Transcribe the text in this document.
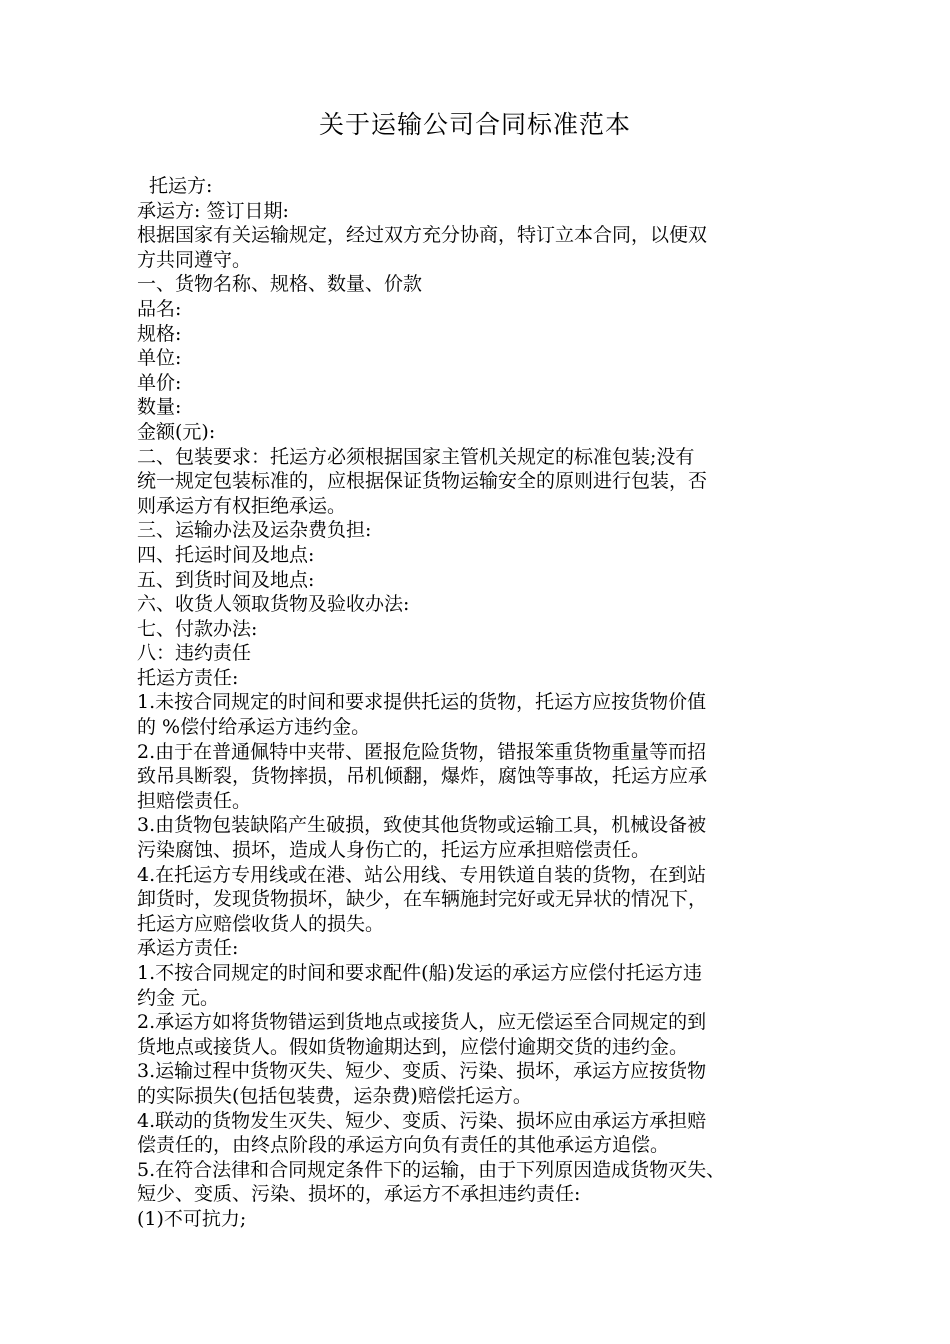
关于运输公司合同标准范本
托运方:
承运方: 签订日期:
根据国家有关运输规定，经过双方充分协商，特订立本合同，以便双
方共同遵守。
一、货物名称、规格、数量、价款
品名:
规格:
单位:
单价:
数量:
金额(元):
二、包装要求：托运方必须根据国家主管机关规定的标准包装;没有
统一规定包装标准的，应根据保证货物运输安全的原则进行包装，否
则承运方有权拒绝承运。
三、运输办法及运杂费负担:
四、托运时间及地点:
五、到货时间及地点:
六、收货人领取货物及验收办法:
七、付款办法:
八：违约责任
托运方责任:
1.未按合同规定的时间和要求提供托运的货物，托运方应按货物价值
的 %偿付给承运方违约金。
2.由于在普通佩特中夹带、匿报危险货物，错报笨重货物重量等而招
致吊具断裂，货物摔损，吊机倾翻，爆炸，腐蚀等事故，托运方应承
担赔偿责任。
3.由货物包装缺陷产生破损，致使其他货物或运输工具，机械设备被
污染腐蚀、损坏，造成人身伤亡的，托运方应承担赔偿责任。
4.在托运方专用线或在港、站公用线、专用铁道自装的货物，在到站
卸货时，发现货物损坏，缺少，在车辆施封完好或无异状的情况下，
托运方应赔偿收货人的损失。
承运方责任:
1.不按合同规定的时间和要求配件(船)发运的承运方应偿付托运方违
约金 元。
2.承运方如将货物错运到货地点或接货人，应无偿运至合同规定的到
货地点或接货人。假如货物逾期达到，应偿付逾期交货的违约金。
3.运输过程中货物灭失、短少、变质、污染、损坏，承运方应按货物
的实际损失(包括包装费，运杂费)赔偿托运方。
4.联动的货物发生灭失、短少、变质、污染、损坏应由承运方承担赔
偿责任的，由终点阶段的承运方向负有责任的其他承运方追偿。
5.在符合法律和合同规定条件下的运输，由于下列原因造成货物灭失、
短少、变质、污染、损坏的，承运方不承担违约责任:
(1)不可抗力;
